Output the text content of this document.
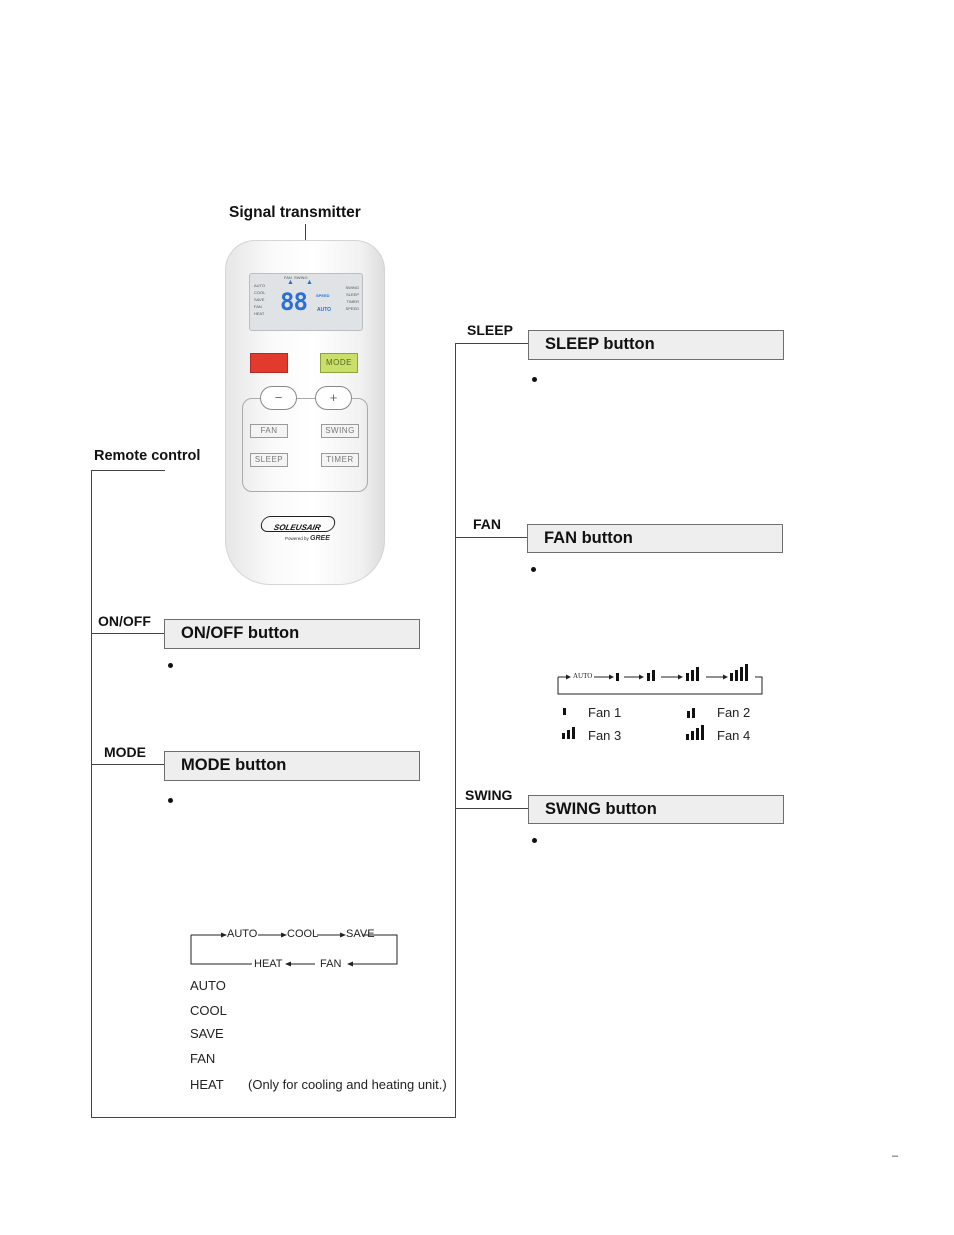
Signal transmitter
FAN  SWING
▲ ▲
AUTO
COOL
SAVE
FAN
HEAT 88 AUTO
SPEED
SWING
SLEEP
TIMER
SPEED
MODE
−	+
FAN	SWING
SLEEP	TIMER
SOLEUSAIR
Powered by GREE
Remote control
ON/OFF
ON/OFF button
MODE
MODE button
AUTO	COOL	SAVE
HEAT	FAN
AUTO
COOL
SAVE
FAN
HEAT (Only for cooling and heating unit.)
SLEEP
SLEEP button
FAN
FAN button
AUTO
Fan 1	Fan 2
Fan 3	Fan 4
SWING
SWING button
–
